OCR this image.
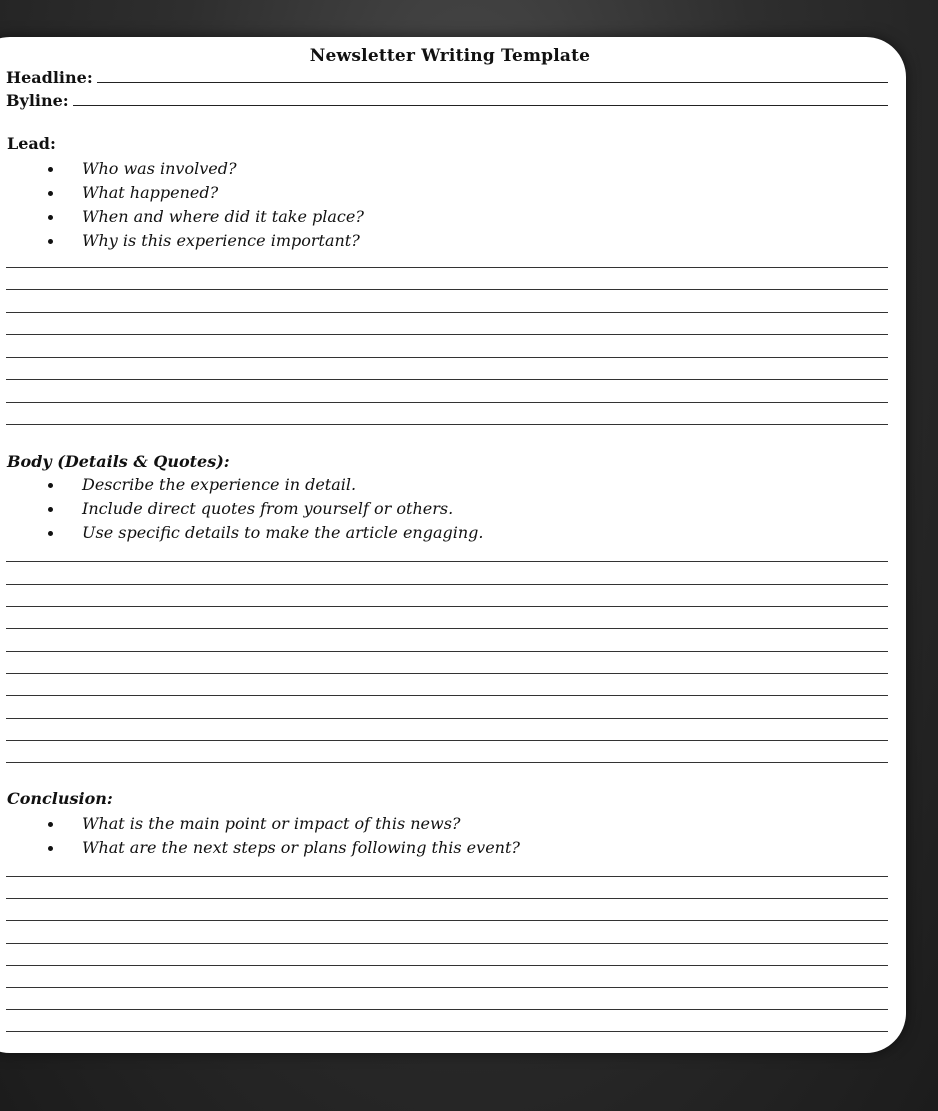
Newsletter Writing Template
Headline:
Byline:
Lead:
Who was involved?
What happened?
When and where did it take place?
Why is this experience important?
Body (Details & Quotes):
Describe the experience in detail.
Include direct quotes from yourself or others.
Use specific details to make the article engaging.
Conclusion:
What is the main point or impact of this news?
What are the next steps or plans following this event?
